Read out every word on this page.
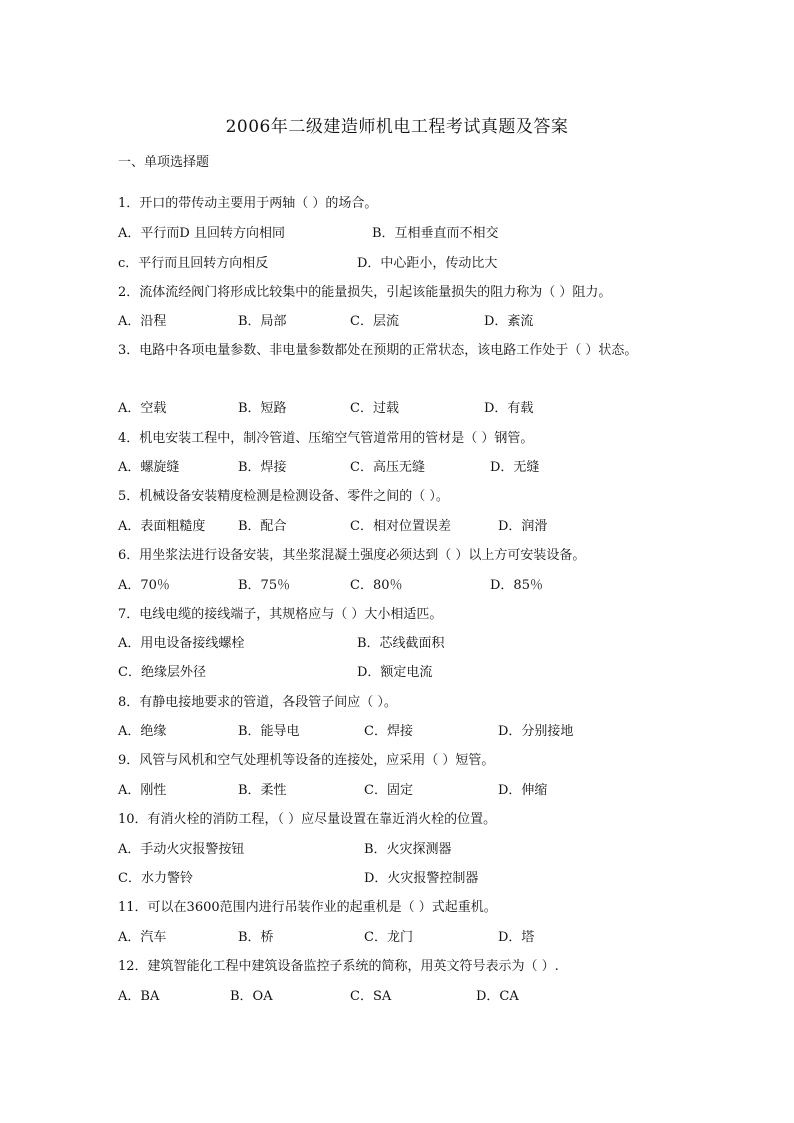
2006年二级建造师机电工程考试真题及答案
一、单项选择题
1．开口的带传动主要用于两轴（ ）的场合。
A．平行而D 且回转方向相同	B．互相垂直而不相交
c．平行而且回转方向相反	D．中心距小，传动比大
2．流体流经阀门将形成比较集中的能量损失，引起该能量损失的阻力称为（ ）阻力。
A．沿程	B．局部	C．层流	D．紊流
3．电路中各项电量参数、非电量参数都处在预期的正常状态，该电路工作处于（ ）状态。
A．空载	B．短路	C．过载	D．有载
4．机电安装工程中，制冷管道、压缩空气管道常用的管材是（ ）钢管。
A．螺旋缝	B．焊接	C．高压无缝	D．无缝
5．机械设备安装精度检测是检测设备、零件之间的（ ）。
A．表面粗糙度	B．配合	C．相对位置误差	D．润滑
6．用坐浆法进行设备安装，其坐浆混凝土强度必须达到（ ）以上方可安装设备。
A．70％	B．75％	C．80％	D．85％
7．电线电缆的接线端子，其规格应与（ ）大小相适匹。
A．用电设备接线螺栓	B．芯线截面积
C．绝缘层外径	D．额定电流
8．有静电接地要求的管道，各段管子间应（ ）。
A．绝缘	B．能导电	C．焊接	D．分别接地
9．风管与风机和空气处理机等设备的连接处，应采用（ ）短管。
A．刚性	B．柔性	C．固定	D．伸缩
10．有消火栓的消防工程，（ ）应尽量设置在靠近消火栓的位置。
A．手动火灾报警按钮	B．火灾探测器
C．水力警铃	D．火灾报警控制器
11．可以在3600范围内进行吊装作业的起重机是（ ）式起重机。
A．汽车	B．桥	C．龙门	D．塔
12．建筑智能化工程中建筑设备监控子系统的简称，用英文符号表示为（ ）.
A．BA	B．OA	C．SA	D．CA
